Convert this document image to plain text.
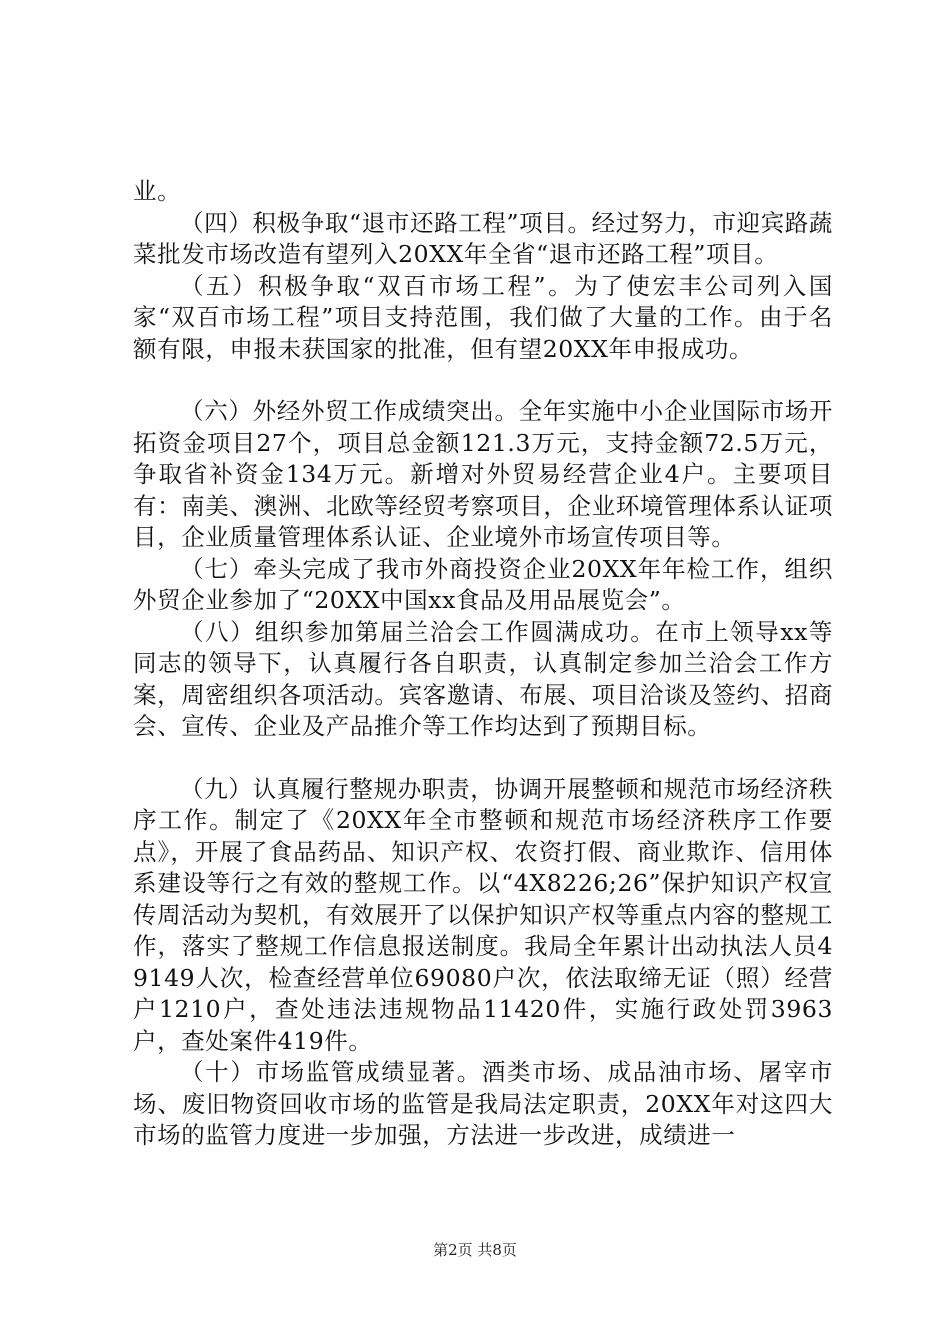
业。

（四）积极争取“退市还路工程”项目。经过努力，市迎宾路蔬菜批发市场改造有望列入20XX年全省“退市还路工程”项目。

（五）积极争取“双百市场工程”。为了使宏丰公司列入国家“双百市场工程”项目支持范围，我们做了大量的工作。由于名额有限，申报未获国家的批准，但有望20XX年申报成功。

（六）外经外贸工作成绩突出。全年实施中小企业国际市场开拓资金项目27个，项目总金额121.3万元，支持金额72.5万元，争取省补资金134万元。新增对外贸易经营企业4户。主要项目有：南美、澳洲、北欧等经贸考察项目，企业环境管理体系认证项目，企业质量管理体系认证、企业境外市场宣传项目等。

（七）牵头完成了我市外商投资企业20XX年年检工作，组织外贸企业参加了“20XX中国xx食品及用品展览会”。

（八）组织参加第届兰洽会工作圆满成功。在市上领导xx等同志的领导下，认真履行各自职责，认真制定参加兰洽会工作方案，周密组织各项活动。宾客邀请、布展、项目洽谈及签约、招商会、宣传、企业及产品推介等工作均达到了预期目标。

（九）认真履行整规办职责，协调开展整顿和规范市场经济秩序工作。制定了《20XX年全市整顿和规范市场经济秩序工作要点》，开展了食品药品、知识产权、农资打假、商业欺诈、信用体系建设等行之有效的整规工作。以“4X8226;26”保护知识产权宣传周活动为契机，有效展开了以保护知识产权等重点内容的整规工作，落实了整规工作信息报送制度。我局全年累计出动执法人员49149人次，检查经营单位69080户次，依法取缔无证（照）经营户1210户，查处违法违规物品11420件，实施行政处罚3963户，查处案件419件。

（十）市场监管成绩显著。酒类市场、成品油市场、屠宰市场、废旧物资回收市场的监管是我局法定职责，20XX年对这四大市场的监管力度进一步加强，方法进一步改进，成绩进一

第2页 共8页
